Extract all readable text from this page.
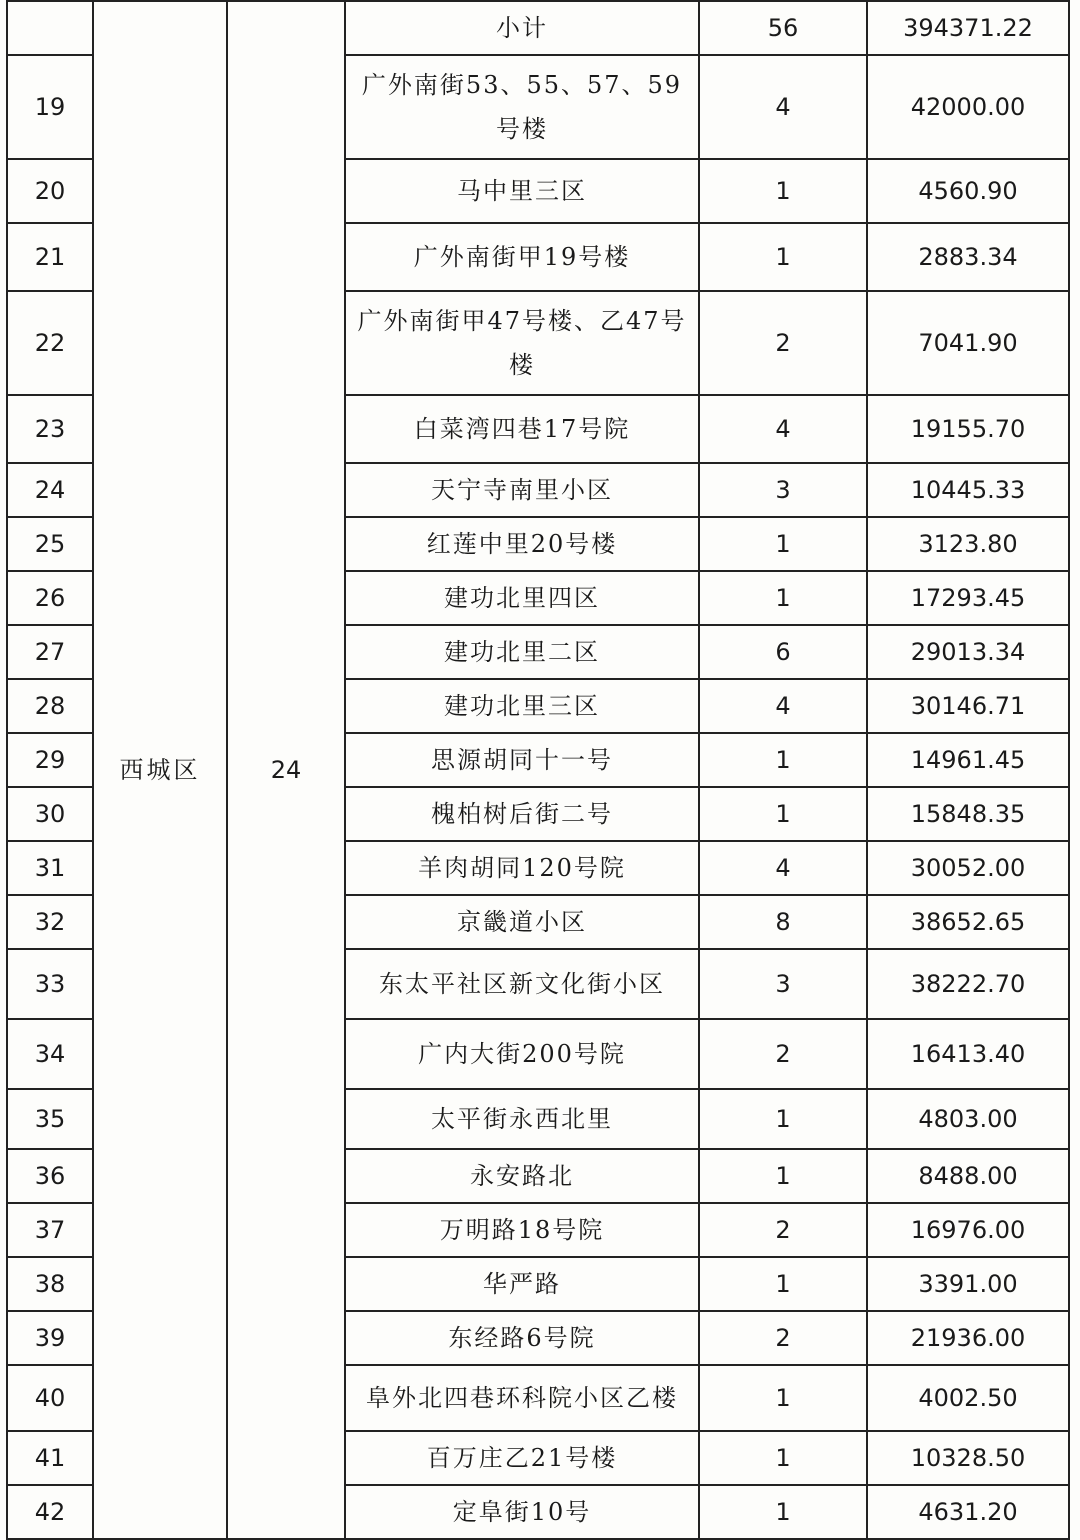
	西城区	24	小计	56	394371.22
19			广外南街53、55、57、59号楼	4	42000.00
20			马中里三区	1	4560.90
21			广外南街甲19号楼	1	2883.34
22			广外南街甲47号楼、乙47号楼	2	7041.90
23			白菜湾四巷17号院	4	19155.70
24			天宁寺南里小区	3	10445.33
25			红莲中里20号楼	1	3123.80
26			建功北里四区	1	17293.45
27			建功北里二区	6	29013.34
28			建功北里三区	4	30146.71
29			思源胡同十一号	1	14961.45
30			槐柏树后街二号	1	15848.35
31			羊肉胡同120号院	4	30052.00
32			京畿道小区	8	38652.65
33			东太平社区新文化街小区	3	38222.70
34			广内大街200号院	2	16413.40
35			太平街永西北里	1	4803.00
36			永安路北	1	8488.00
37			万明路18号院	2	16976.00
38			华严路	1	3391.00
39			东经路6号院	2	21936.00
40			阜外北四巷环科院小区乙楼	1	4002.50
41			百万庄乙21号楼	1	10328.50
42			定阜街10号	1	4631.20
